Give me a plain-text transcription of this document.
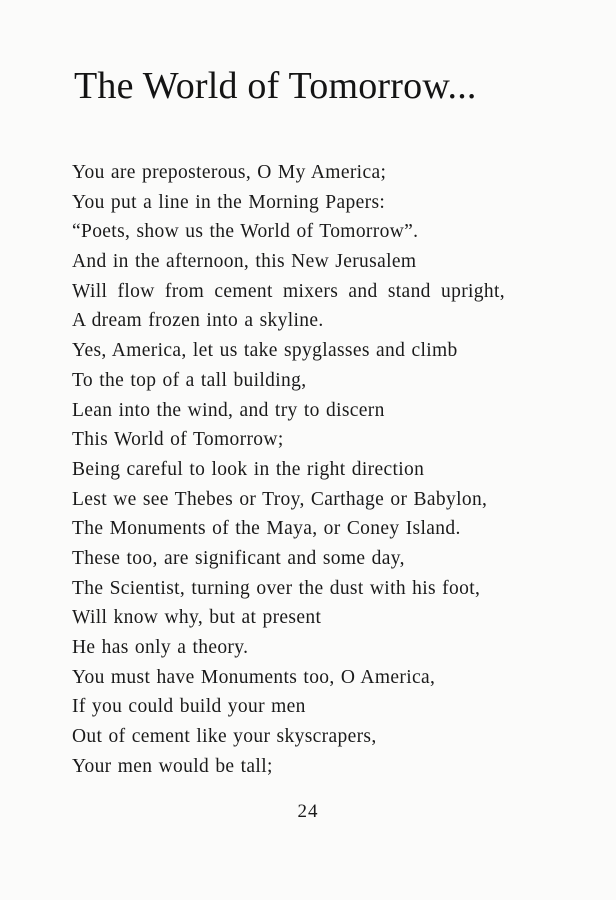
The World of Tomorrow...
You are preposterous, O My America;
You put a line in the Morning Papers:
“Poets, show us the World of Tomorrow”.
And in the afternoon, this New Jerusalem
Will flow from cement mixers and stand upright,
A dream frozen into a skyline.
Yes, America, let us take spyglasses and climb
To the top of a tall building,
Lean into the wind, and try to discern
This World of Tomorrow;
Being careful to look in the right direction
Lest we see Thebes or Troy, Carthage or Babylon,
The Monuments of the Maya, or Coney Island.
These too, are significant and some day,
The Scientist, turning over the dust with his foot,
Will know why, but at present
He has only a theory.
You must have Monuments too, O America,
If you could build your men
Out of cement like your skyscrapers,
Your men would be tall;
24
